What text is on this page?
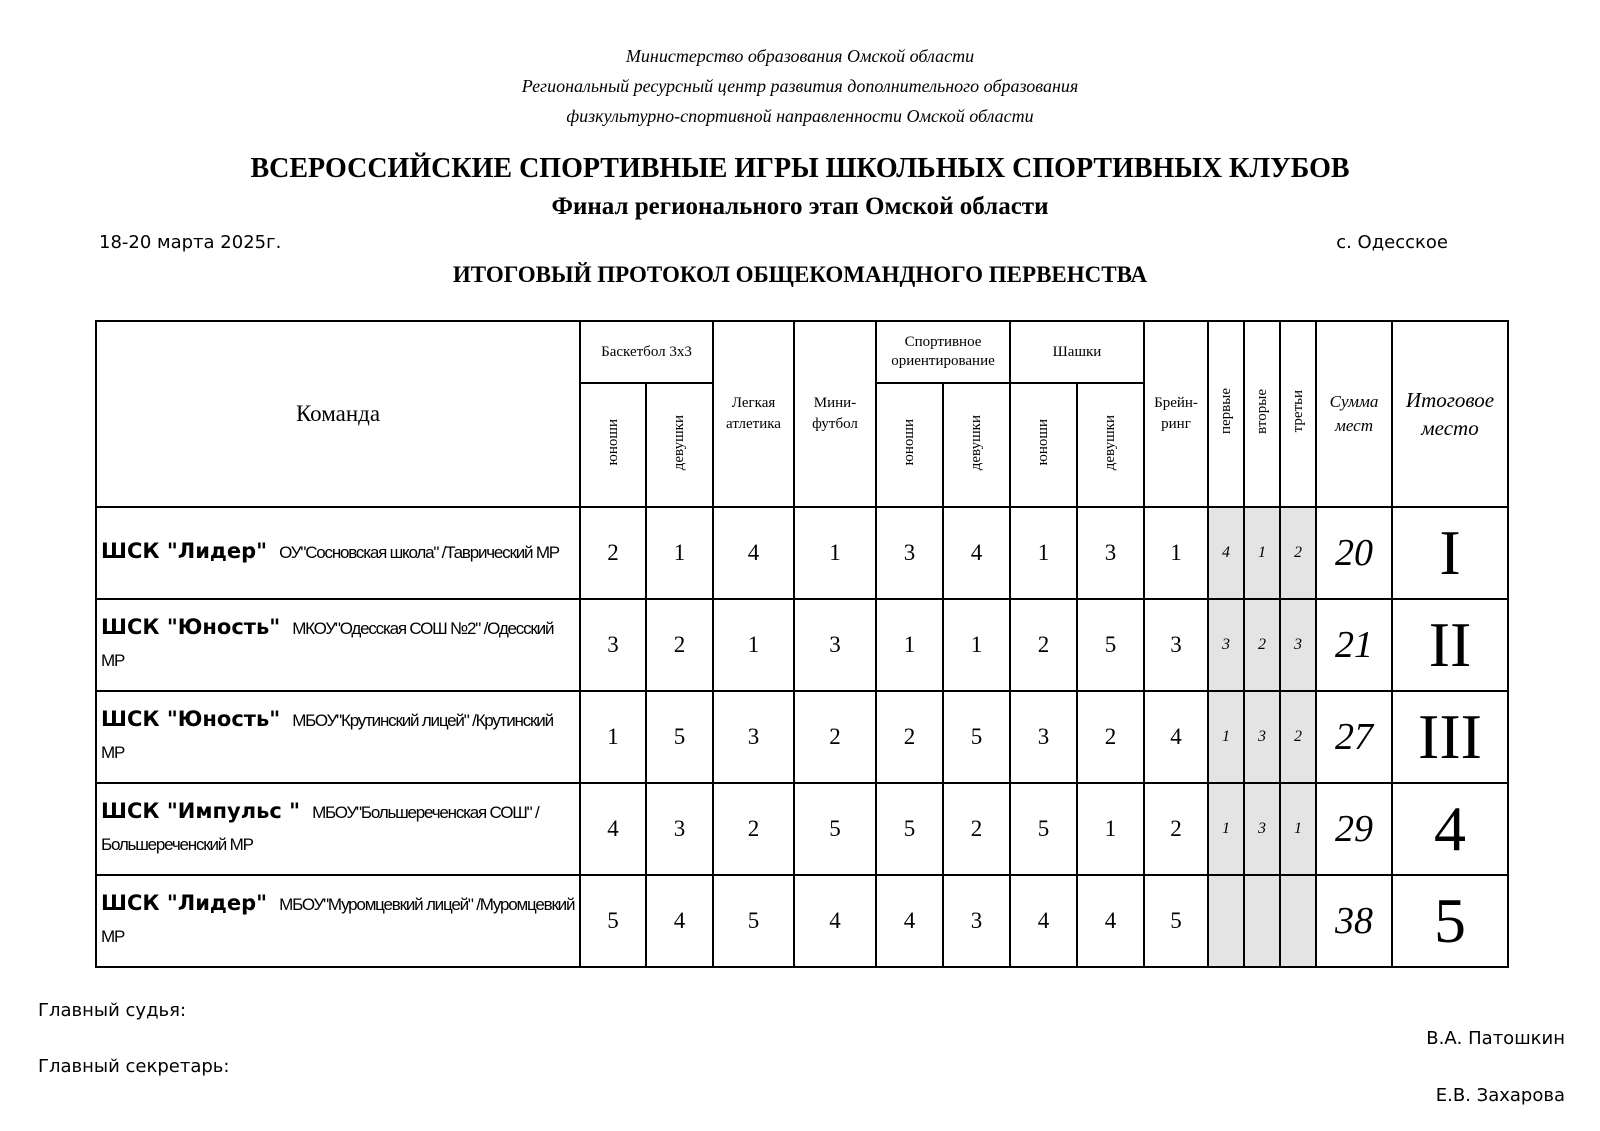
Министерство образования Омской области
Региональный ресурсный центр развития дополнительного образования
физкультурно-спортивной направленности Омской области
ВСЕРОССИЙСКИЕ СПОРТИВНЫЕ ИГРЫ ШКОЛЬНЫХ СПОРТИВНЫХ КЛУБОВ
Финал регионального этап Омской области
18-20 марта 2025г.	с. Одесское
ИТОГОВЫЙ ПРОТОКОЛ ОБЩЕКОМАНДНОГО ПЕРВЕНСТВА
Команда	Баскетбол 3х3		Легкая атлетика	Мини-футбол	Спортивное ориентирование		Шашки		Брейн-ринг	первые	вторые	третьи	Сумма мест	Итоговое место

	юноши	девушки			юноши	девушки	юноши	девушки						
ШСК "Лидер" ОУ"Сосновская школа" /Таврический МР	2	1	4	1	3	4	1	3	1	4	1	2	20	I
ШСК "Юность" МКОУ"Одесская СОШ №2" /Одесский МР	3	2	1	3	1	1	2	5	3	3	2	3	21	II
ШСК "Юность" МБОУ"Крутинский лицей" /Крутинский МР	1	5	3	2	2	5	3	2	4	1	3	2	27	III
ШСК "Импульс " МБОУ"Большереченская СОШ" /Большереченский МР	4	3	2	5	5	2	5	1	2	1	3	1	29	4
ШСК "Лидер" МБОУ"Муромцевкий лицей" /Муромцевкий МР	5	4	5	4	4	3	4	4	5				38	5
Главный судья:
В.А. Патошкин
Главный секретарь:
Е.В. Захарова
